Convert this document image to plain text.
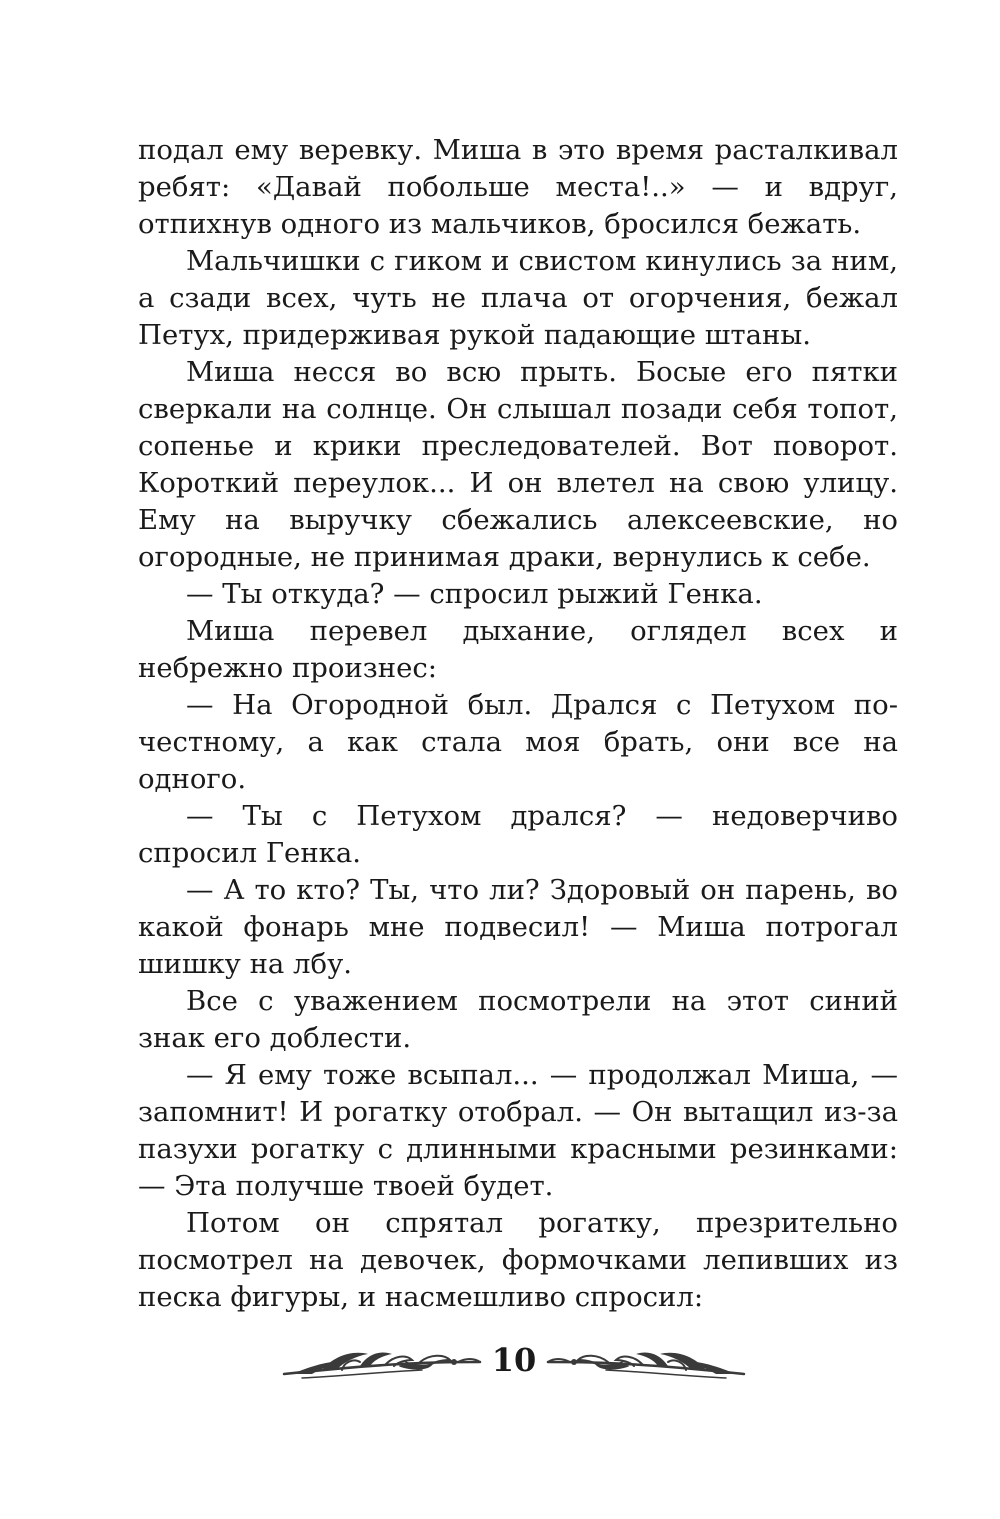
подал ему веревку. Миша в это время расталкивал ребят: «Давай побольше места!..» — и вдруг, отпихнув одного из мальчиков, бросился бежать.

Мальчишки с гиком и свистом кинулись за ним, а сзади всех, чуть не плача от огорчения, бежал Петух, придерживая рукой падающие штаны.

Миша несся во всю прыть. Босые его пятки сверкали на солнце. Он слышал позади себя топот, сопенье и крики преследователей. Вот поворот. Короткий переулок... И он влетел на свою улицу. Ему на выручку сбежались алексеевские, но огородные, не принимая драки, вернулись к себе.

— Ты откуда? — спросил рыжий Генка.

Миша перевел дыхание, оглядел всех и небрежно произнес:

— На Огородной был. Дрался с Петухом по-честному, а как стала моя брать, они все на одного.

— Ты с Петухом дрался? — недоверчиво спросил Генка.

— А то кто? Ты, что ли? Здоровый он парень, во какой фонарь мне подвесил! — Миша потрогал шишку на лбу.

Все с уважением посмотрели на этот синий знак его доблести.

— Я ему тоже всыпал... — продолжал Миша, — запомнит! И рогатку отобрал. — Он вытащил из-за пазухи рогатку с длинными красными резинками: — Эта получше твоей будет.

Потом он спрятал рогатку, презрительно посмотрел на девочек, формочками лепивших из песка фигуры, и насмешливо спросил:

10
